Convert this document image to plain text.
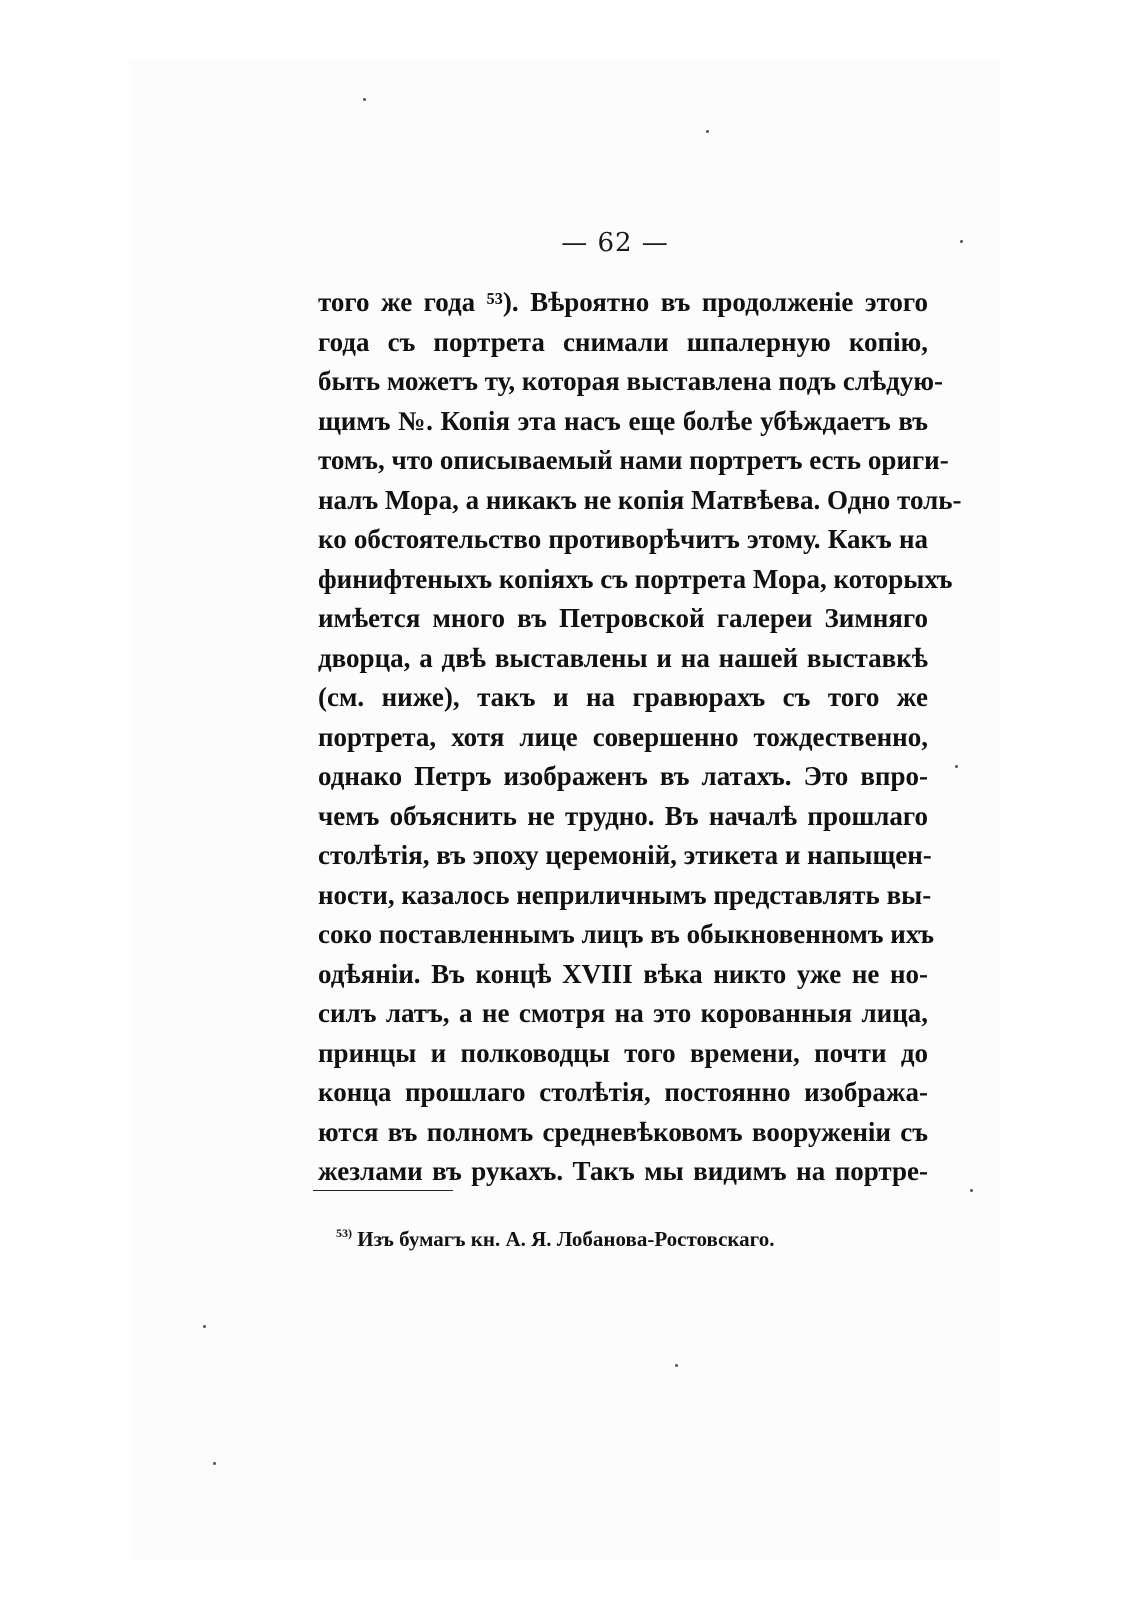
— 62 —
того же года ⁵³). Вѣроятно въ продолженіе этого
года съ портрета снимали шпалерную копію,
быть можетъ ту, которая выставлена подъ слѣдую-
щимъ №. Копія эта насъ еще болѣе убѣждаетъ въ
томъ, что описываемый нами портретъ есть ориги-
налъ Мора, а никакъ не копія Матвѣева. Одно толь-
ко обстоятельство противорѣчитъ этому. Какъ на
финифтеныхъ копіяхъ съ портрета Мора, которыхъ
имѣется много въ Петровской галереи Зимняго
дворца, а двѣ выставлены и на нашей выставкѣ
(см. ниже), такъ и на гравюрахъ съ того же
портрета, хотя лице совершенно тождественно,
однако Петръ изображенъ въ латахъ. Это впро-
чемъ объяснить не трудно. Въ началѣ прошлаго
столѣтія, въ эпоху церемоній, этикета и напыщен-
ности, казалось неприличнымъ представлять вы-
соко поставленнымъ лицъ въ обыкновенномъ ихъ
одѣяніи. Въ концѣ XVIII вѣка никто уже не но-
силъ латъ, а не смотря на это корованныя лица,
принцы и полководцы того времени, почти до
конца прошлаго столѣтія, постоянно изобража-
ются въ полномъ средневѣковомъ вооруженіи съ
жезлами въ рукахъ. Такъ мы видимъ на портре-
$^{53)}$ Изъ бумагъ кн. А. Я. Лобанова-Ростовскаго.
